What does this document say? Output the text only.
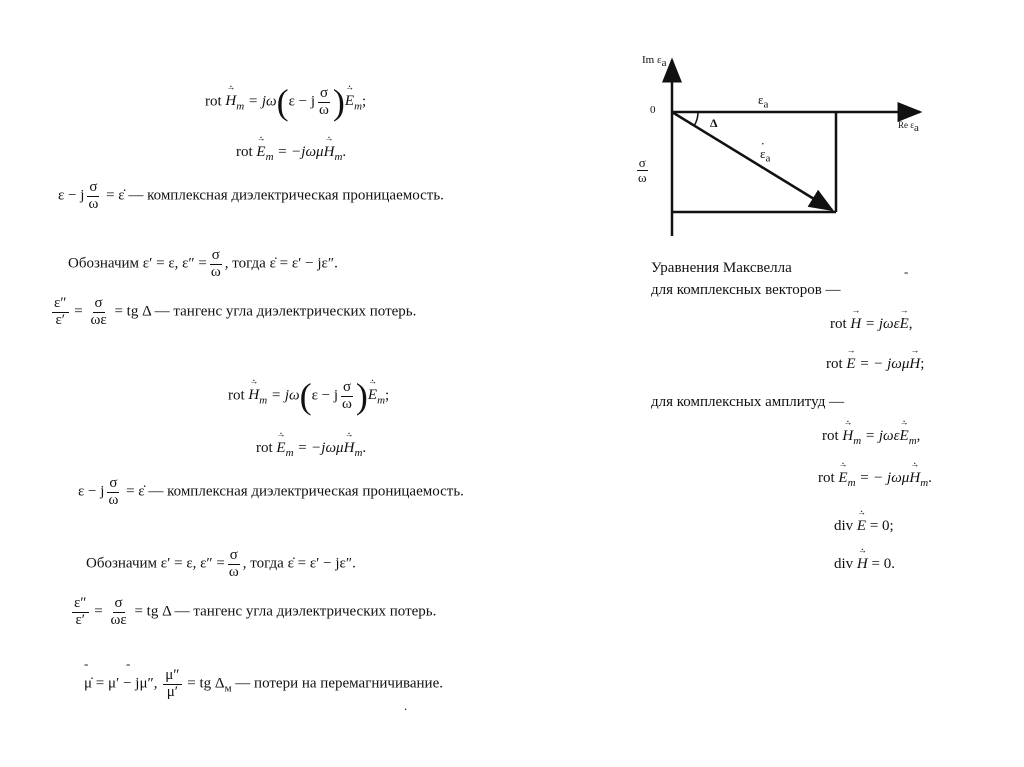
Im $\varepsilon_a$
Re $\varepsilon_a$
0
$\varepsilon_a$
· $\varepsilon_a$
Δ
$\frac{\sigma}{\omega}$
rot → $H \cdot_m = j\omega(\varepsilon - j \frac{\sigma}{\omega}$ )→ $E \cdot_m$;
rot → $E \cdot_m = -j\omega\mu\to H \cdot_m$.
ε − j $\frac{\sigma}{\omega}$ = ε̇ — комплексная диэлектрическая проницаемость.
Обозначим ε′ = ε, $\varepsilon'' = \frac{\sigma}{\omega}$ , тогда ε̇ = ε′ − jε″.
$\frac{\varepsilon''}{\varepsilon'} = \frac{\sigma}{\omega\varepsilon}$ = tg Δ — тангенс угла диэлектрических потерь.
rot → $H \cdot_m = j\omega(\varepsilon - j \frac{\sigma}{\omega}$ )→ $E \cdot_m$;
rot → $E \cdot_m = -j\omega\mu\to H \cdot_m$.
ε − j $\frac{\sigma}{\omega}$ = ε̇ — комплексная диэлектрическая проницаемость.
Обозначим ε′ = ε, $\varepsilon'' = \frac{\sigma}{\omega}$ , тогда ε̇ = ε′ − jε″.
$\frac{\varepsilon''}{\varepsilon'} = \frac{\sigma}{\omega\varepsilon}$ = tg Δ — тангенс угла диэлектрических потерь.
-	-
μ̇ = μ′ − jμ″, $\frac{\mu''}{\mu'}$ = tg $\Delta_м$ — потери на перемагничивание.
.
Уравнения Максвелла	-
для комплексных векторов —
rot → H = jωε̇→ E,
rot → E = − jωμ→ H;
для комплексных амплитуд —
rot → $H \cdot_m$ = jωε̇→ $E \cdot_m$,
rot → $E \cdot_m$ = − $j\omega\mu\to H \cdot_m$.
div → E · = 0;
div → H · = 0.
